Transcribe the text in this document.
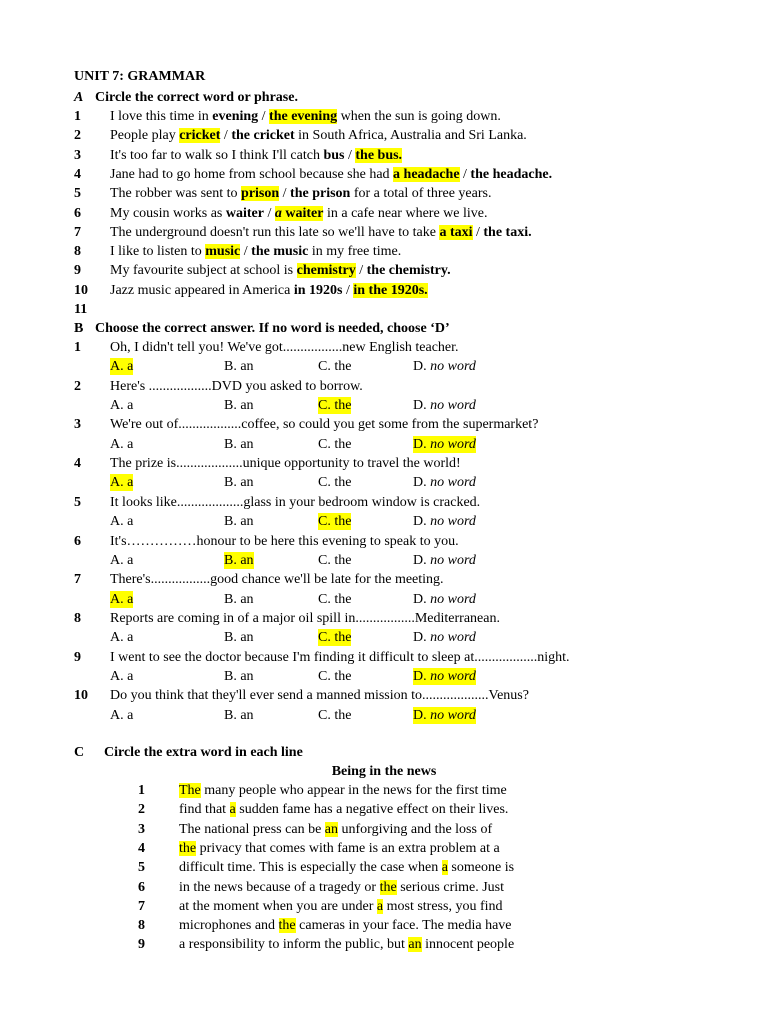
UNIT 7: GRAMMAR
A Circle the correct word or phrase.
1 I love this time in evening / the evening when the sun is going down.
2 People play cricket / the cricket in South Africa, Australia and Sri Lanka.
3 It's too far to walk so I think I'll catch bus / the bus.
4 Jane had to go home from school because she had a headache / the headache.
5 The robber was sent to prison / the prison for a total of three years.
6 My cousin works as waiter / a waiter in a cafe near where we live.
7 The underground doesn't run this late so we'll have to take a taxi / the taxi.
8 I like to listen to music / the music in my free time.
9 My favourite subject at school is chemistry / the chemistry.
10 Jazz music appeared in America in 1920s / in the 1920s.
11
B Choose the correct answer. If no word is needed, choose ‘D’
1 Oh, I didn't tell you! We've got.................new English teacher.
A. a	B. an	C. the	D. no word
2 Here's ..................DVD you asked to borrow.
A. a	B. an	C. the	D. no word
3 We're out of..................coffee, so could you get some from the supermarket?
A. a	B. an	C. the	D. no word
4 The prize is...................unique opportunity to travel the world!
A. a	B. an	C. the	D. no word
5 It looks like...................glass in your bedroom window is cracked.
A. a	B. an	C. the	D. no word
6 It's……………honour to be here this evening to speak to you.
A. a	B. an	C. the	D. no word
7 There's.................good chance we'll be late for the meeting.
A. a	B. an	C. the	D. no word
8 Reports are coming in of a major oil spill in.................Mediterranean.
A. a	B. an	C. the	D. no word
9 I went to see the doctor because I'm finding it difficult to sleep at..................night.
A. a	B. an	C. the	D. no word
10 Do you think that they'll ever send a manned mission to...................Venus?
A. a	B. an	C. the	D. no word
C Circle the extra word in each line
Being in the news
1 The many people who appear in the news for the first time
2 find that a sudden fame has a negative effect on their lives.
3 The national press can be an unforgiving and the loss of
4 the privacy that comes with fame is an extra problem at a
5 difficult time. This is especially the case when a someone is
6 in the news because of a tragedy or the serious crime. Just
7 at the moment when you are under a most stress, you find
8 microphones and the cameras in your face. The media have
9 a responsibility to inform the public, but an innocent people
